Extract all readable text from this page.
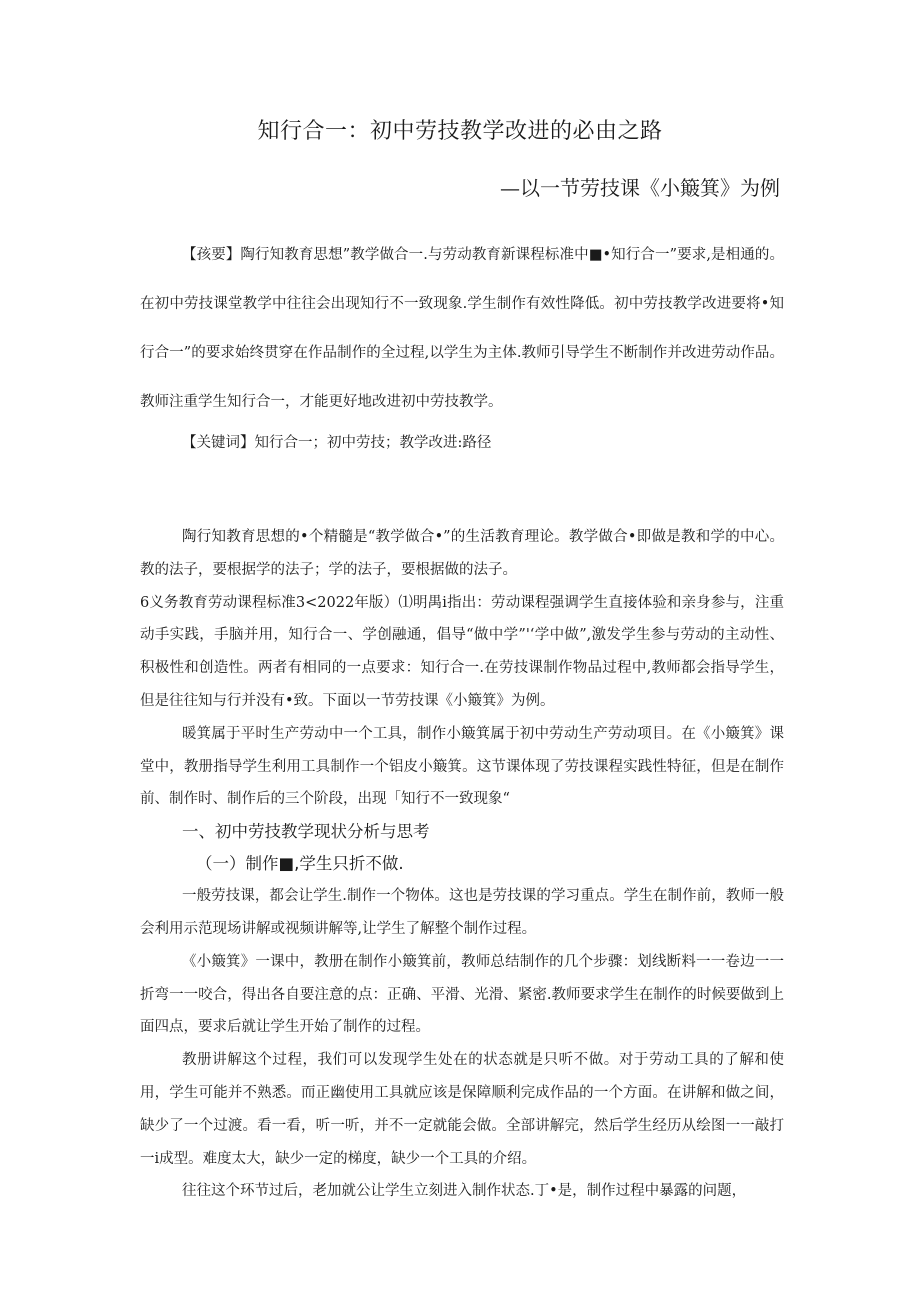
知行合一：初中劳技教学改进的必由之路
—以一节劳技课《小簸箕》为例
【孩要】陶行知教育思想”教学做合一.与劳动教育新课程标准中■•知行合一”要求,是相通的。在初中劳技课堂教学中往往会出现知行不一致现象.学生制作有效性降低。初中劳技教学改进要将•知行合一”的要求始终贯穿在作品制作的全过程,以学生为主体.教师引导学生不断制作并改进劳动作品。教师注重学生知行合一，才能更好地改进初中劳技教学。
【关键词】知行合一；初中劳技；教学改进:路径

陶行知教育思想的•个精髓是“教学做合•”的生活教育理论。教学做合•即做是教和学的中心。教的法子，要根据学的法子；学的法子，要根据做的法子。

6义务教育劳动课程标准3<2022年版）⑴明禺i指出：劳动课程强调学生直接体验和亲身参与，注重动手实践，手脑并用，知行合一、学创融通，倡导“做中学”'‘学中做”,激发学生参与劳动的主动性、积极性和创造性。两者有相同的一点要求：知行合一.在劳技课制作物品过程中,教师都会指导学生，但是往往知与行并没有•致。下面以一节劳技课《小簸箕》为例。

暖箕属于平时生产劳动中一个工具，制作小簸箕属于初中劳动生产劳动项目。在《小簸箕》课堂中，教册指导学生利用工具制作一个铝皮小簸箕。这节课体现了劳技课程实践性特征，但是在制作前、制作时、制作后的三个阶段，出现「知行不一致现象“

一、初中劳技教学现状分析与思考

（一）制作■,学生只折不做.

一般劳技课，都会让学生.制作一个物体。这也是劳技课的学习重点。学生在制作前，教师一般会利用示范现场讲解或视频讲解等,让学生了解整个制作过程。

《小簸箕》一课中，教册在制作小簸箕前，教师总结制作的几个步骤：划线断料一一卷边一一折弯一一咬合，得出各自要注意的点：正确、平滑、光滑、紧密.教师要求学生在制作的时候要做到上面四点，要求后就让学生开始了制作的过程。

教册讲解这个过程，我们可以发现学生处在的状态就是只听不做。对于劳动工具的了解和使用，学生可能并不熟悉。而正幽使用工具就应该是保障顺利完成作品的一个方面。在讲解和做之间，缺少了一个过渡。看一看，听一听，并不一定就能会做。全部讲解完，然后学生经历从绘图一一敲打一i成型。难度太大，缺少一定的梯度，缺少一个工具的介绍。

往往这个环节过后，老加就公让学生立刻进入制作状态.丁•是，制作过程中暴露的问题，
